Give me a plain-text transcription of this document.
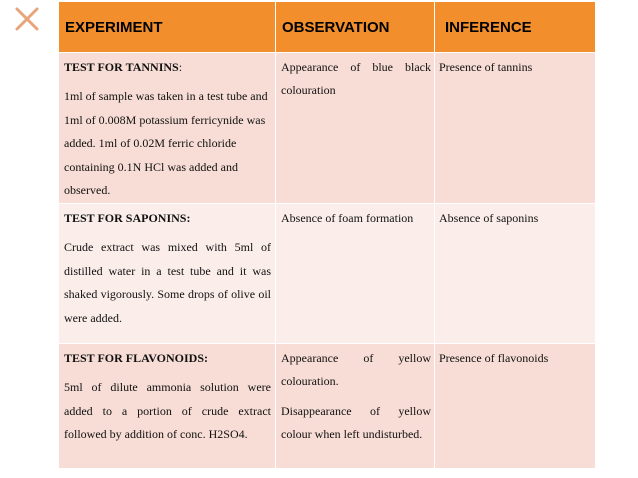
EXPERIMENT	OBSERVATION	INFERENCE

TEST FOR TANNINS:
1ml of sample was taken in a test tube and 1ml of 0.008M potassium ferricynide was added. 1ml of 0.02M ferric chloride containing 0.1N HCl was added and observed.	Appearance of blue black colouration	Presence of tannins

TEST FOR SAPONINS:
Crude extract was mixed with 5ml of distilled water in a test tube and it was shaked vigorously. Some drops of olive oil were added.	Absence of foam formation	Absence of saponins

TEST FOR FLAVONOIDS:
5ml of dilute ammonia solution were added to a portion of crude extract followed by addition of conc. H2SO4.	Appearance of yellow colouration.
Disappearance of yellow colour when left undisturbed.	Presence of flavonoids
